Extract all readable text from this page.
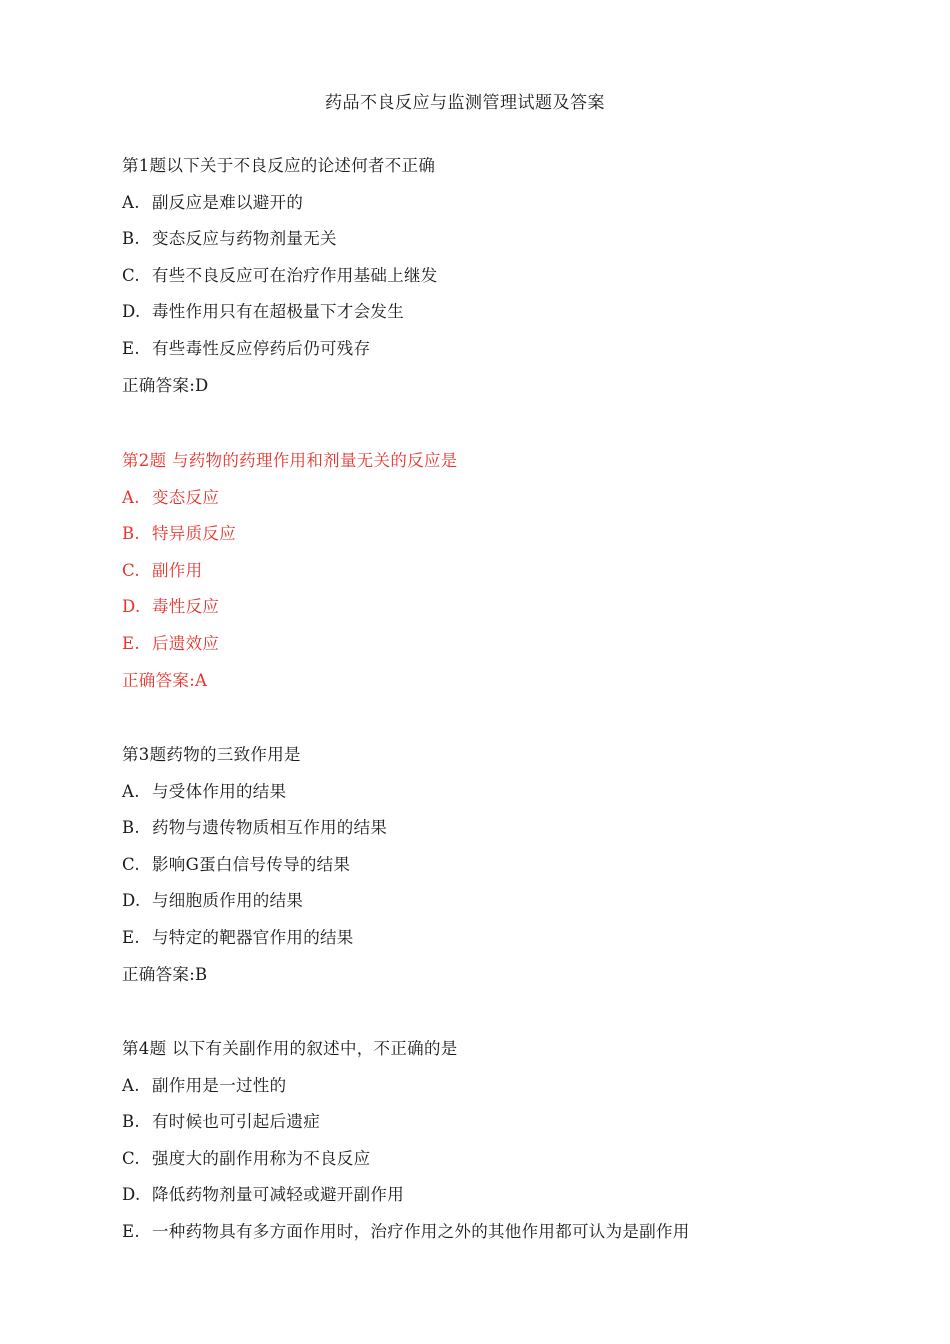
药品不良反应与监测管理试题及答案
第1题以下关于不良反应的论述何者不正确
A. 副反应是难以避开的
B. 变态反应与药物剂量无关
C. 有些不良反应可在治疗作用基础上继发
D. 毒性作用只有在超极量下才会发生
E. 有些毒性反应停药后仍可残存
正确答案:D
第2题 与药物的药理作用和剂量无关的反应是
A. 变态反应
B. 特异质反应
C. 副作用
D. 毒性反应
E. 后遗效应
正确答案:A
第3题药物的三致作用是
A. 与受体作用的结果
B. 药物与遗传物质相互作用的结果
C. 影响G蛋白信号传导的结果
D. 与细胞质作用的结果
E. 与特定的靶器官作用的结果
正确答案:B
第4题 以下有关副作用的叙述中，不正确的是
A. 副作用是一过性的
B. 有时候也可引起后遗症
C. 强度大的副作用称为不良反应
D. 降低药物剂量可减轻或避开副作用
E. 一种药物具有多方面作用时，治疗作用之外的其他作用都可认为是副作用
